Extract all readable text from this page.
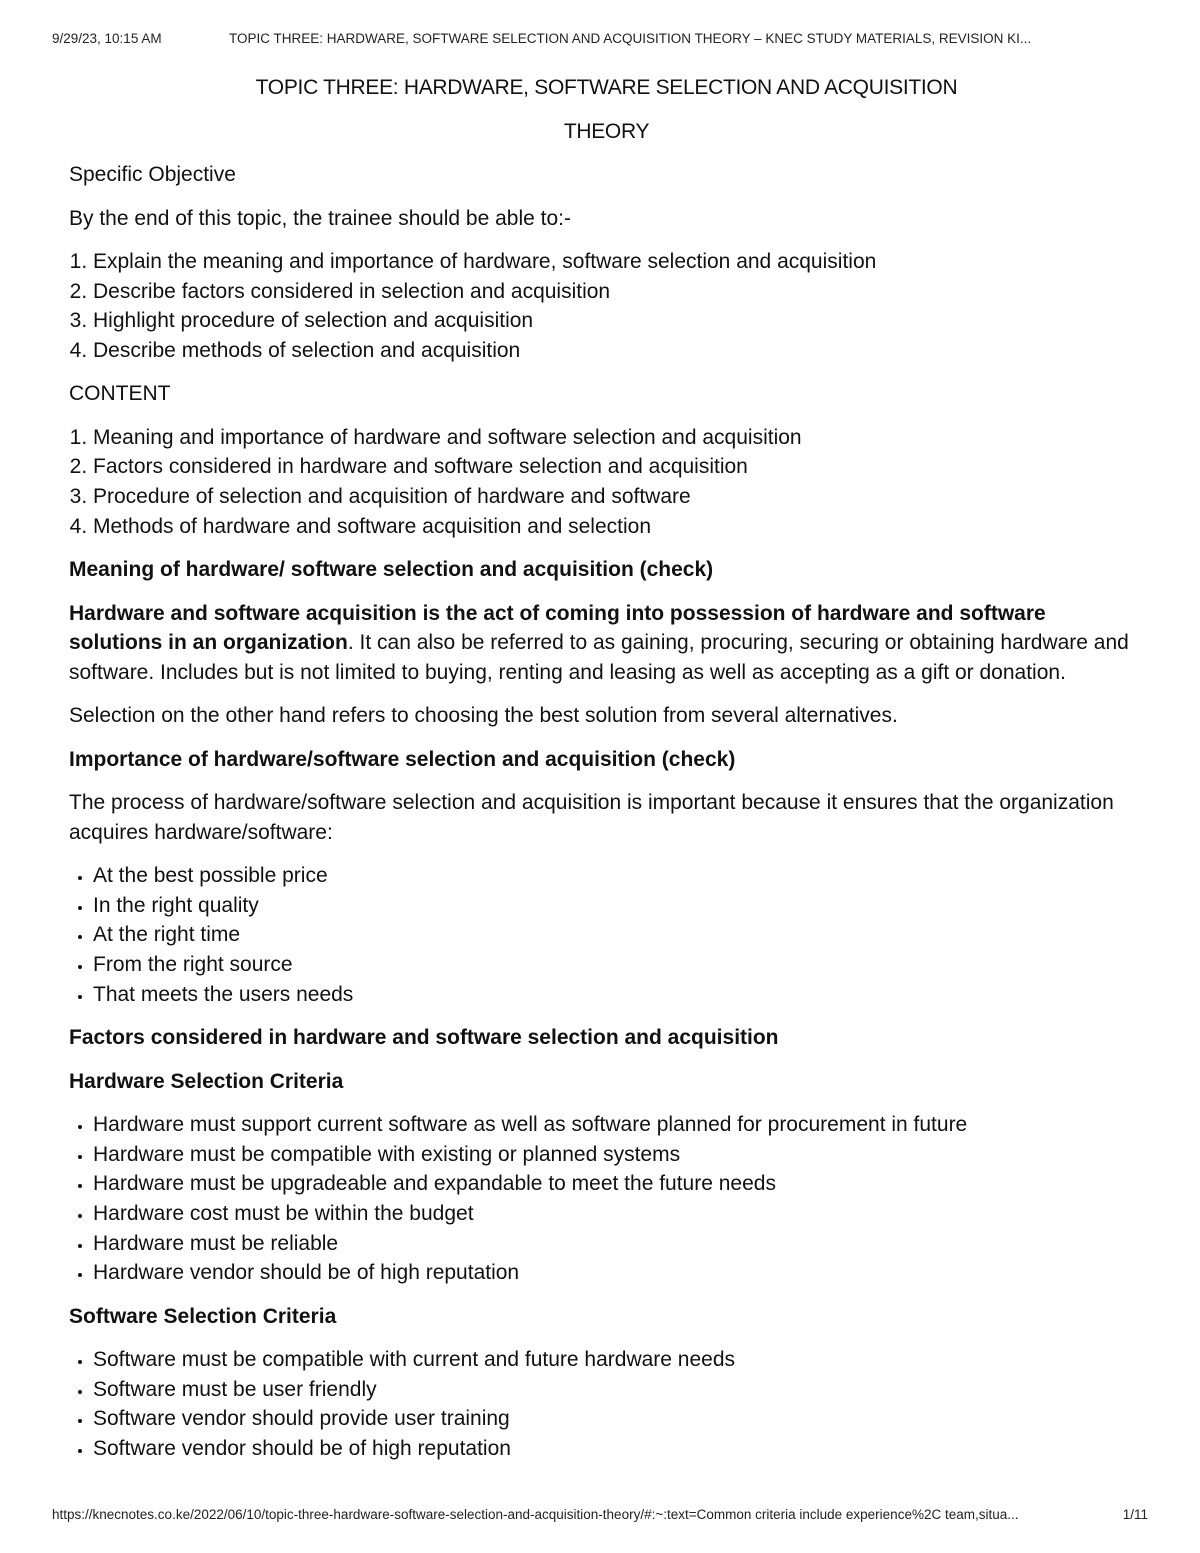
9/29/23, 10:15 AM	TOPIC THREE: HARDWARE, SOFTWARE SELECTION AND ACQUISITION THEORY – KNEC STUDY MATERIALS, REVISION KI...
TOPIC THREE: HARDWARE, SOFTWARE SELECTION AND ACQUISITION
THEORY

Specific Objective

By the end of this topic, the trainee should be able to:-

1. Explain the meaning and importance of hardware, software selection and acquisition
2. Describe factors considered in selection and acquisition
3. Highlight procedure of selection and acquisition
4. Describe methods of selection and acquisition

CONTENT

1. Meaning and importance of hardware and software selection and acquisition
2. Factors considered in hardware and software selection and acquisition
3. Procedure of selection and acquisition of hardware and software
4. Methods of hardware and software acquisition and selection

Meaning of hardware/ software selection and acquisition (check)

Hardware and software acquisition is the act of coming into possession of hardware and software solutions in an organization. It can also be referred to as gaining, procuring, securing or obtaining hardware and software. Includes but is not limited to buying, renting and leasing as well as accepting as a gift or donation.

Selection on the other hand refers to choosing the best solution from several alternatives.

Importance of hardware/software selection and acquisition (check)

The process of hardware/software selection and acquisition is important because it ensures that the organization acquires hardware/software:

• At the best possible price
• In the right quality
• At the right time
• From the right source
• That meets the users needs

Factors considered in hardware and software selection and acquisition

Hardware Selection Criteria

• Hardware must support current software as well as software planned for procurement in future
• Hardware must be compatible with existing or planned systems
• Hardware must be upgradeable and expandable to meet the future needs
• Hardware cost must be within the budget
• Hardware must be reliable
• Hardware vendor should be of high reputation

Software Selection Criteria

• Software must be compatible with current and future hardware needs
• Software must be user friendly
• Software vendor should provide user training
• Software vendor should be of high reputation
https://knecnotes.co.ke/2022/06/10/topic-three-hardware-software-selection-and-acquisition-theory/#:~:text=Common criteria include experience%2C team,situa...	1/11
